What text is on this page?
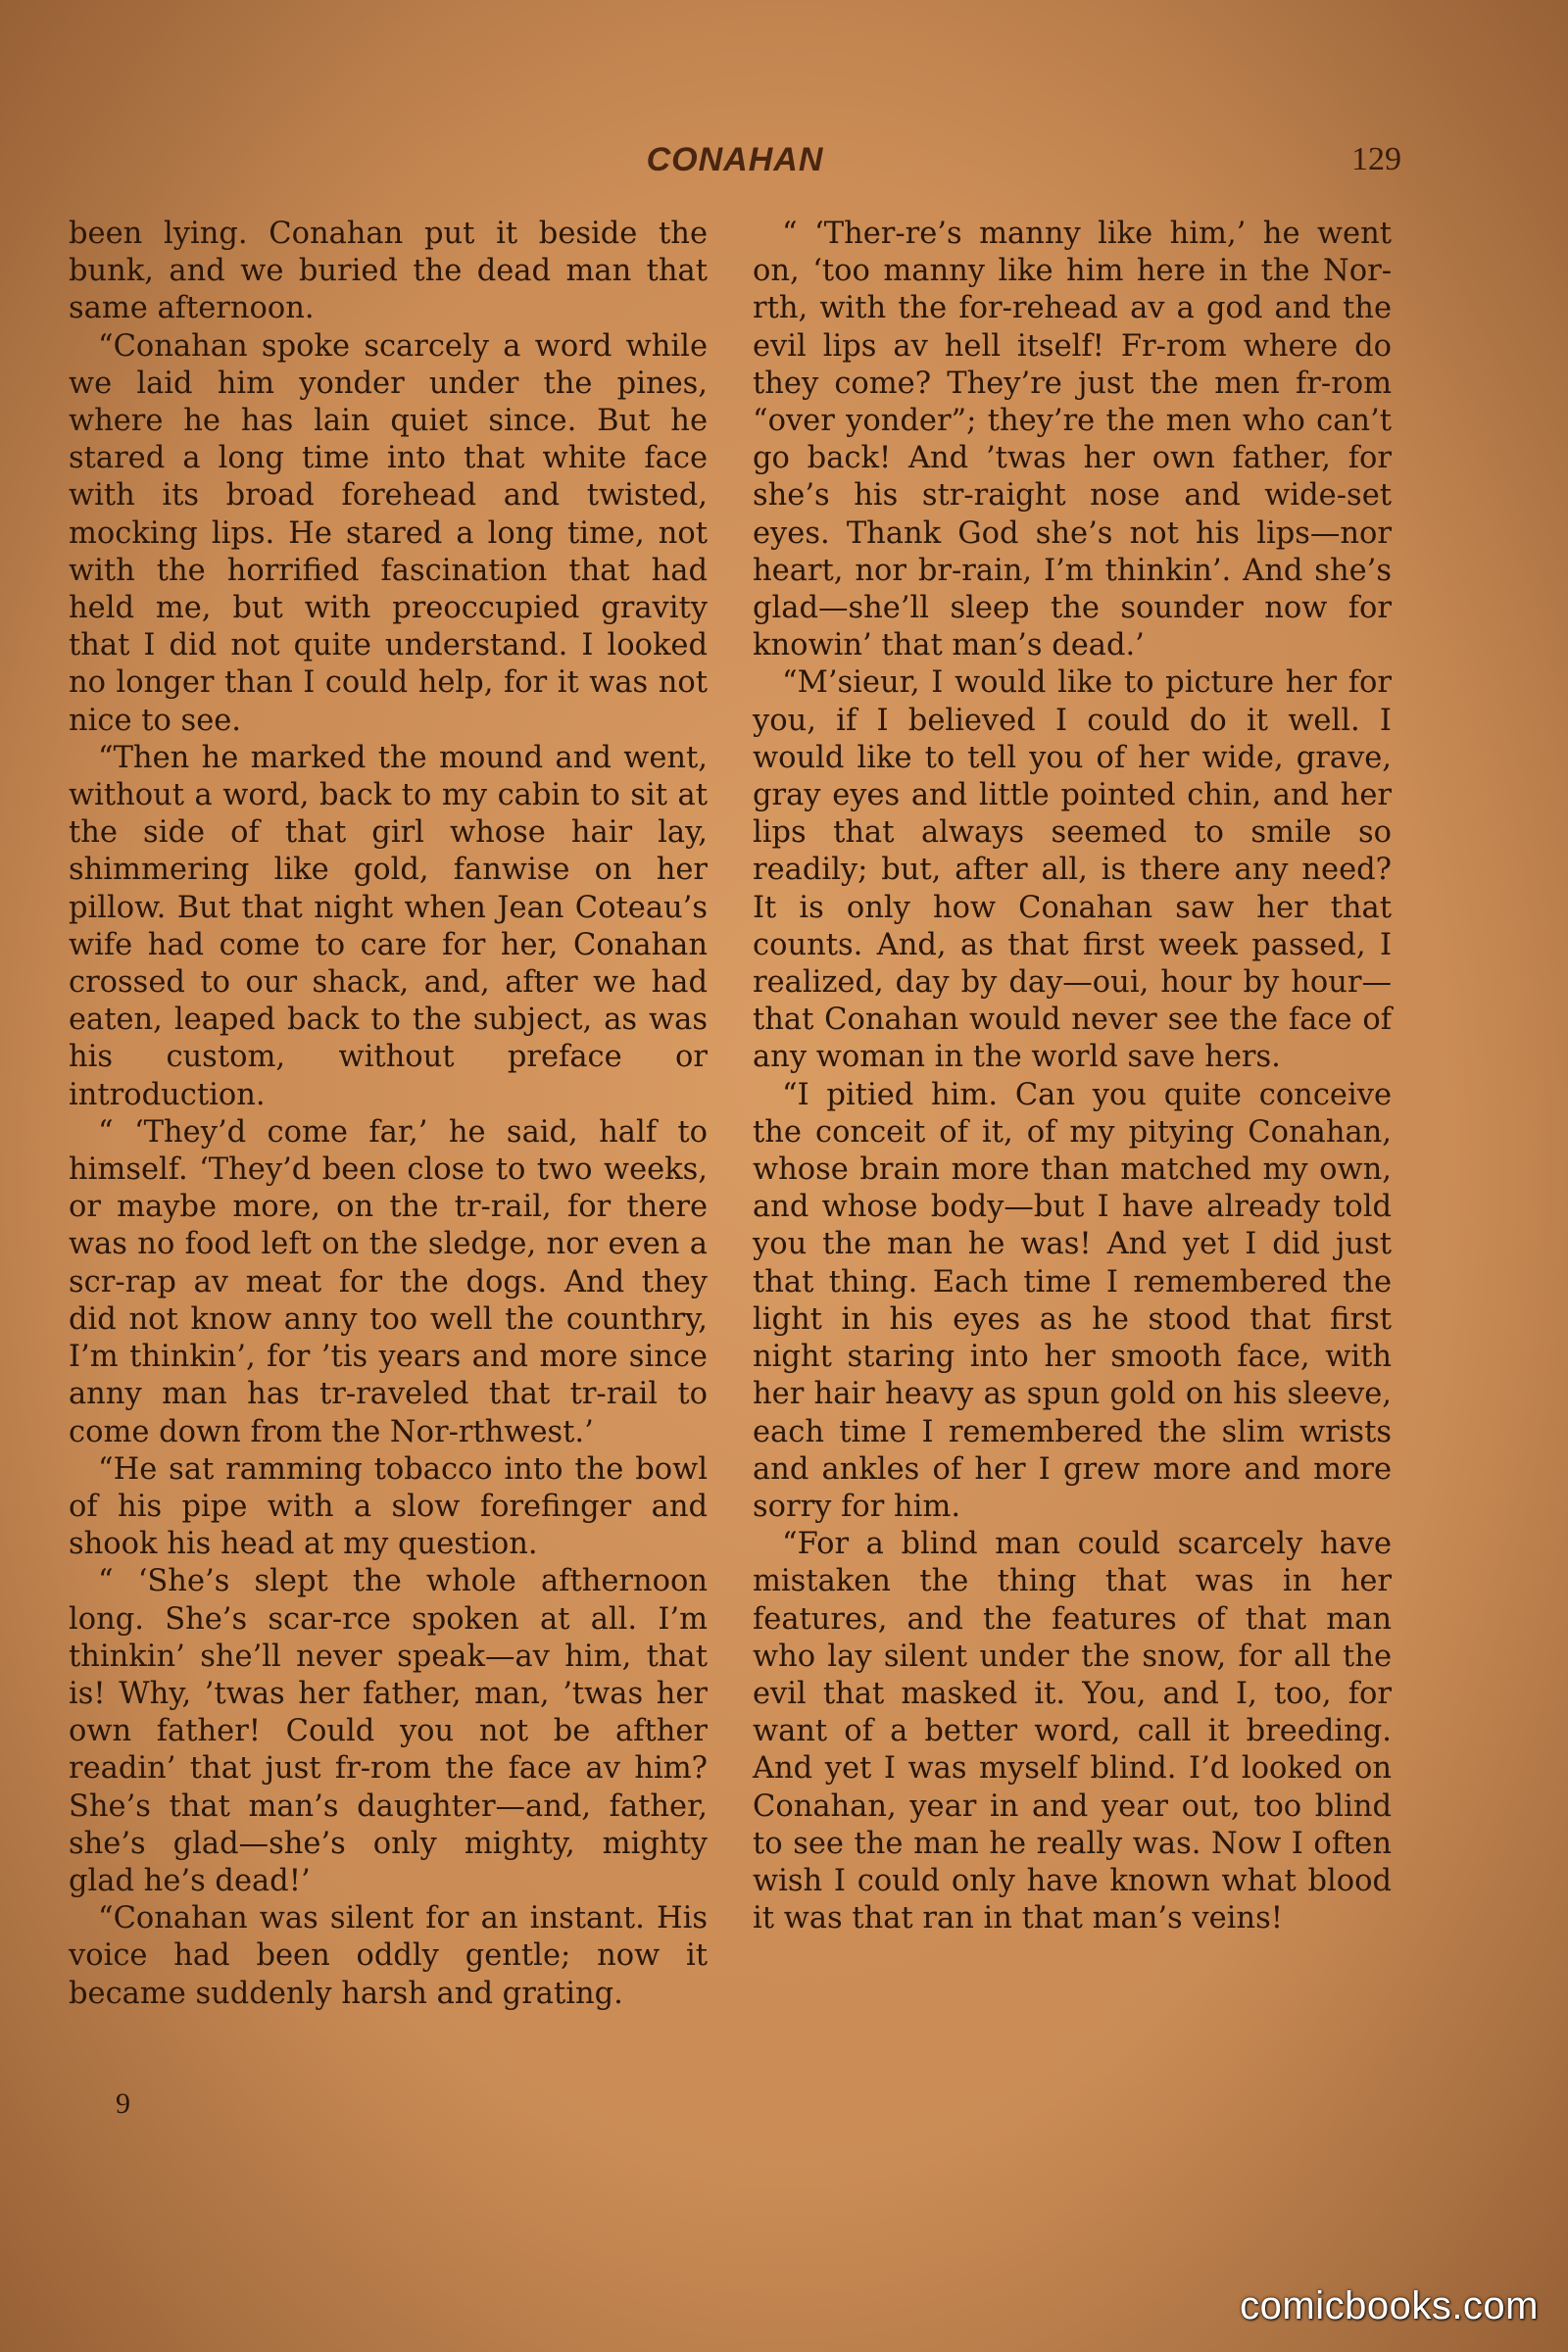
CONAHAN	129

been lying. Conahan put it beside the bunk, and we buried the dead man that same afternoon.

“Conahan spoke scarcely a word while we laid him yonder under the pines, where he has lain quiet since. But he stared a long time into that white face with its broad forehead and twisted, mocking lips. He stared a long time, not with the horrified fascination that had held me, but with preoccupied gravity that I did not quite understand. I looked no longer than I could help, for it was not nice to see.

“Then he marked the mound and went, without a word, back to my cabin to sit at the side of that girl whose hair lay, shimmering like gold, fanwise on her pillow. But that night when Jean Coteau’s wife had come to care for her, Conahan crossed to our shack, and, after we had eaten, leaped back to the subject, as was his custom, without preface or introduction.

“ ‘They’d come far,’ he said, half to himself. ‘They’d been close to two weeks, or maybe more, on the tr-rail, for there was no food left on the sledge, nor even a scr-rap av meat for the dogs. And they did not know anny too well the counthry, I’m thinkin’, for ’tis years and more since anny man has tr-raveled that tr-rail to come down from the Nor-rthwest.’

“He sat ramming tobacco into the bowl of his pipe with a slow forefinger and shook his head at my question.

“ ‘She’s slept the whole afthernoon long. She’s scar-rce spoken at all. I’m thinkin’ she’ll never speak—av him, that is! Why, ’twas her father, man, ’twas her own father! Could you not be afther readin’ that just fr-rom the face av him? She’s that man’s daughter—and, father, she’s glad—she’s only mighty, mighty glad he’s dead!’

“Conahan was silent for an instant. His voice had been oddly gentle; now it became suddenly harsh and grating.

“ ‘Ther-re’s manny like him,’ he went on, ‘too manny like him here in the Nor-rth, with the for-rehead av a god and the evil lips av hell itself! Fr-rom where do they come? They’re just the men fr-rom “over yonder”; they’re the men who can’t go back! And ’twas her own father, for she’s his str-raight nose and wide-set eyes. Thank God she’s not his lips—nor heart, nor br-rain, I’m thinkin’. And she’s glad—she’ll sleep the sounder now for knowin’ that man’s dead.’

“M’sieur, I would like to picture her for you, if I believed I could do it well. I would like to tell you of her wide, grave, gray eyes and little pointed chin, and her lips that always seemed to smile so readily; but, after all, is there any need? It is only how Conahan saw her that counts. And, as that first week passed, I realized, day by day—oui, hour by hour—that Conahan would never see the face of any woman in the world save hers.

“I pitied him. Can you quite conceive the conceit of it, of my pitying Conahan, whose brain more than matched my own, and whose body—but I have already told you the man he was! And yet I did just that thing. Each time I remembered the light in his eyes as he stood that first night staring into her smooth face, with her hair heavy as spun gold on his sleeve, each time I remembered the slim wrists and ankles of her I grew more and more sorry for him.

“For a blind man could scarcely have mistaken the thing that was in her features, and the features of that man who lay silent under the snow, for all the evil that masked it. You, and I, too, for want of a better word, call it breeding. And yet I was myself blind. I’d looked on Conahan, year in and year out, too blind to see the man he really was. Now I often wish I could only have known what blood it was that ran in that man’s veins!

9
comicbooks.com
